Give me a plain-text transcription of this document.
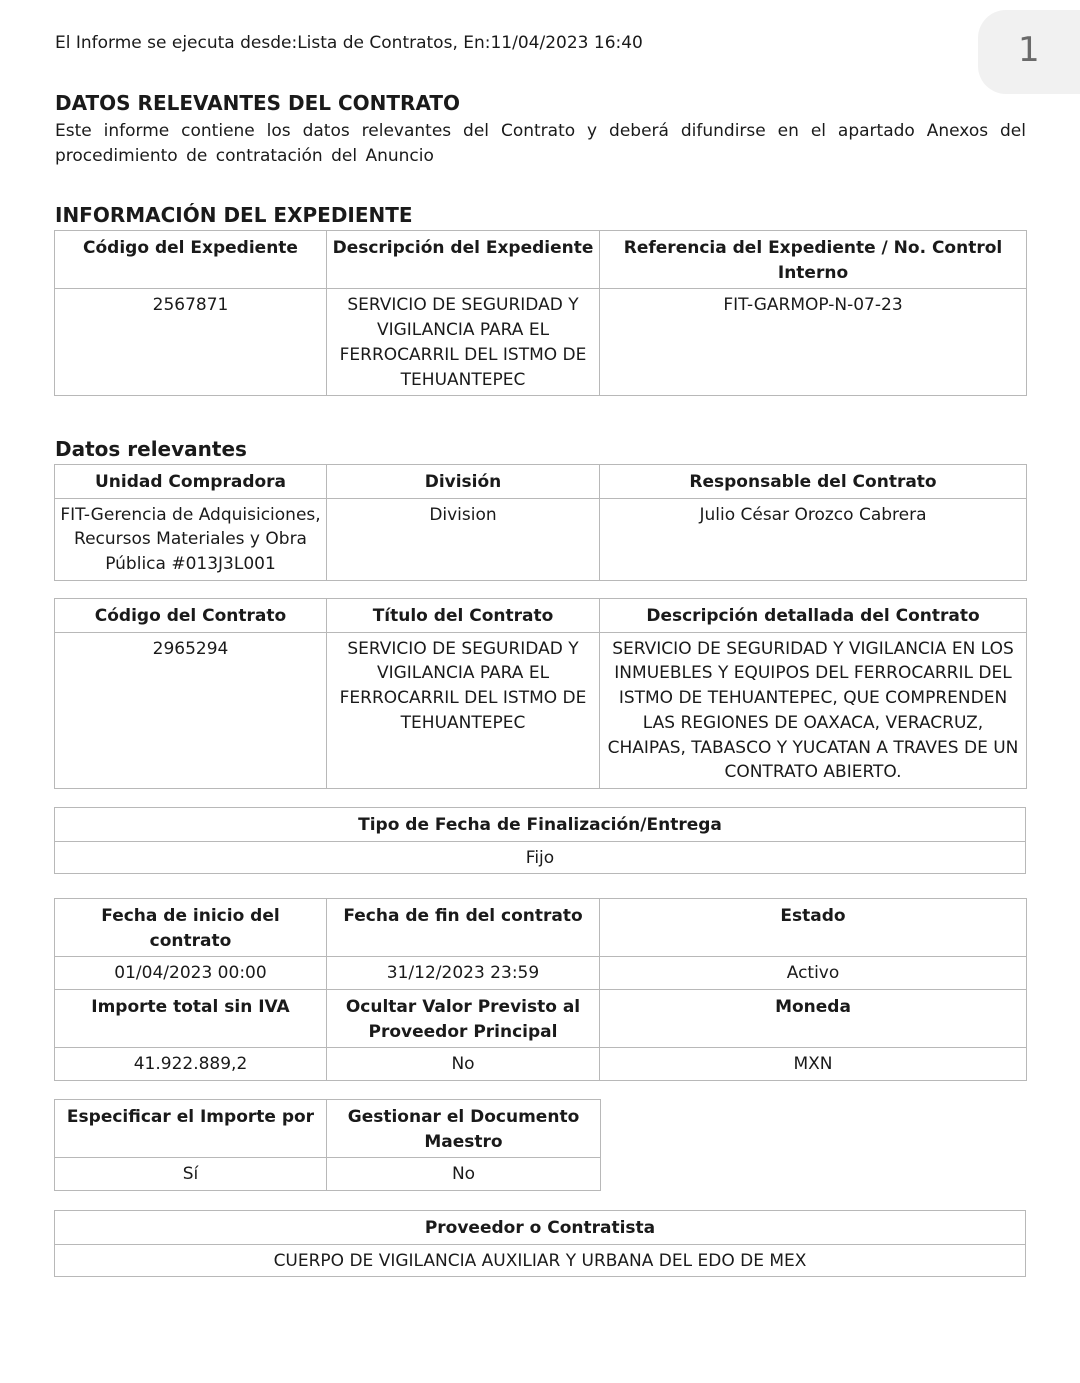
1
El Informe se ejecuta desde:Lista de Contratos, En:11/04/2023 16:40
DATOS RELEVANTES DEL CONTRATO

Este informe contiene los datos relevantes del Contrato y deberá difundirse en el apartado Anexos del procedimiento de contratación del Anuncio

INFORMACIÓN DEL EXPEDIENTE
Código del Expediente	Descripción del Expediente	Referencia del Expediente / No. Control Interno
2567871	SERVICIO DE SEGURIDAD Y VIGILANCIA PARA EL FERROCARRIL DEL ISTMO DE TEHUANTEPEC	FIT-GARMOP-N-07-23
Datos relevantes
Unidad Compradora	División	Responsable del Contrato
FIT-Gerencia de Adquisiciones, Recursos Materiales y Obra Pública #013J3L001	Division	Julio César Orozco Cabrera
Código del Contrato	Título del Contrato	Descripción detallada del Contrato
2965294	SERVICIO DE SEGURIDAD Y VIGILANCIA PARA EL FERROCARRIL DEL ISTMO DE TEHUANTEPEC	SERVICIO DE SEGURIDAD Y VIGILANCIA EN LOS INMUEBLES Y EQUIPOS DEL FERROCARRIL DEL ISTMO DE TEHUANTEPEC, QUE COMPRENDEN LAS REGIONES DE OAXACA, VERACRUZ, CHAIPAS, TABASCO Y YUCATAN A TRAVES DE UN CONTRATO ABIERTO.
Tipo de Fecha de Finalización/Entrega
Fijo
Fecha de inicio del contrato	Fecha de fin del contrato	Estado
01/04/2023 00:00	31/12/2023 23:59	Activo
Importe total sin IVA	Ocultar Valor Previsto al Proveedor Principal	Moneda
41.922.889,2	No	MXN
Especificar el Importe por	Gestionar el Documento Maestro
Sí	No
Proveedor o Contratista
CUERPO DE VIGILANCIA AUXILIAR Y URBANA DEL EDO DE MEX
